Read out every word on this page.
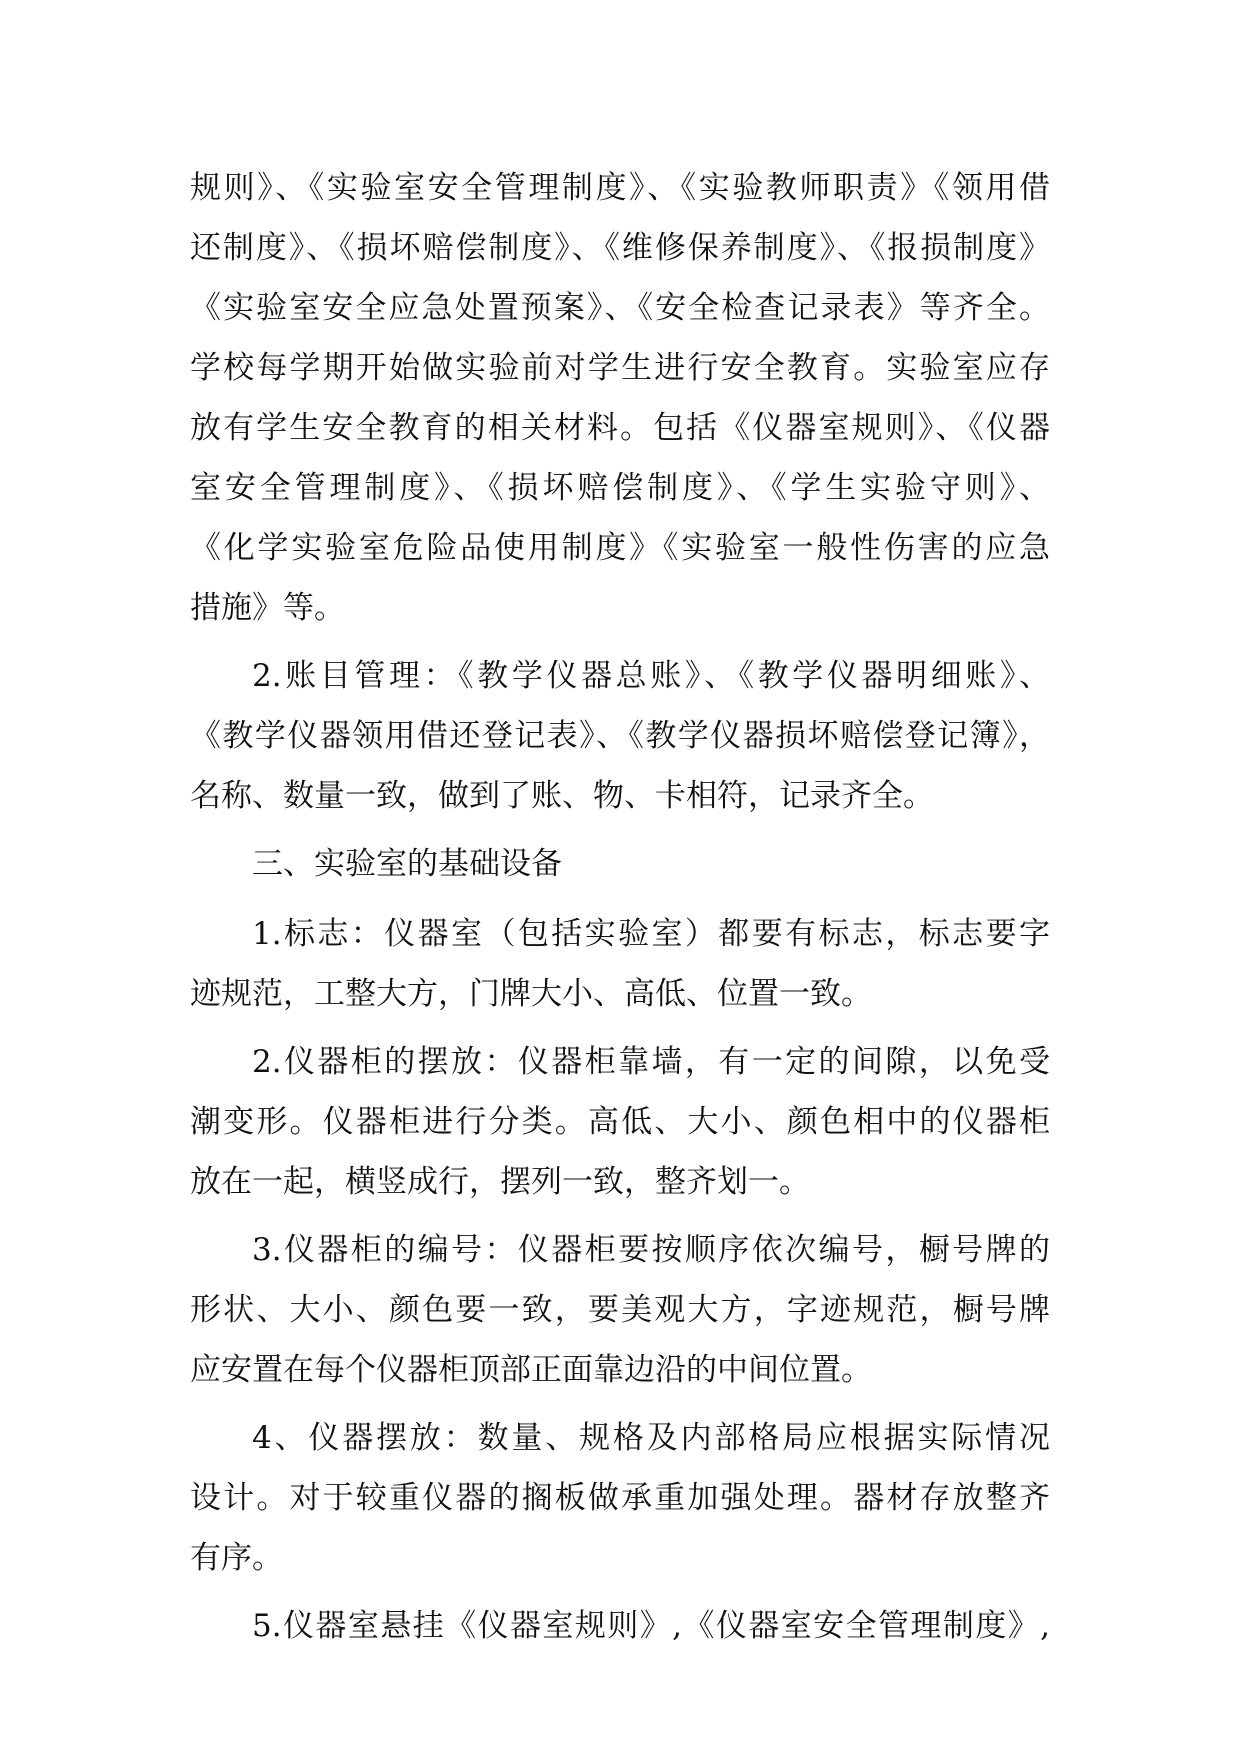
规则》、《实验室安全管理制度》、《实验教师职责》《领用借
还制度》、《损坏赔偿制度》、《维修保养制度》、《报损制度》
《实验室安全应急处置预案》、《安全检查记录表》等齐全。
学校每学期开始做实验前对学生进行安全教育。实验室应存
放有学生安全教育的相关材料。包括《仪器室规则》、《仪器
室安全管理制度》、《损坏赔偿制度》、《学生实验守则》、
《化学实验室危险品使用制度》《实验室一般性伤害的应急
措施》等。
2.账目管理：《教学仪器总账》、《教学仪器明细账》、
《教学仪器领用借还登记表》、《教学仪器损坏赔偿登记簿》，
名称、数量一致，做到了账、物、卡相符，记录齐全。
三、实验室的基础设备
1.标志：仪器室（包括实验室）都要有标志，标志要字
迹规范，工整大方，门牌大小、高低、位置一致。
2.仪器柜的摆放：仪器柜靠墙，有一定的间隙，以免受
潮变形。仪器柜进行分类。高低、大小、颜色相中的仪器柜
放在一起，横竖成行，摆列一致，整齐划一。
3.仪器柜的编号：仪器柜要按顺序依次编号，橱号牌的
形状、大小、颜色要一致，要美观大方，字迹规范，橱号牌
应安置在每个仪器柜顶部正面靠边沿的中间位置。
4、仪器摆放：数量、规格及内部格局应根据实际情况
设计。对于较重仪器的搁板做承重加强处理。器材存放整齐
有序。
5.仪器室悬挂《仪器室规则》,《仪器室安全管理制度》,
